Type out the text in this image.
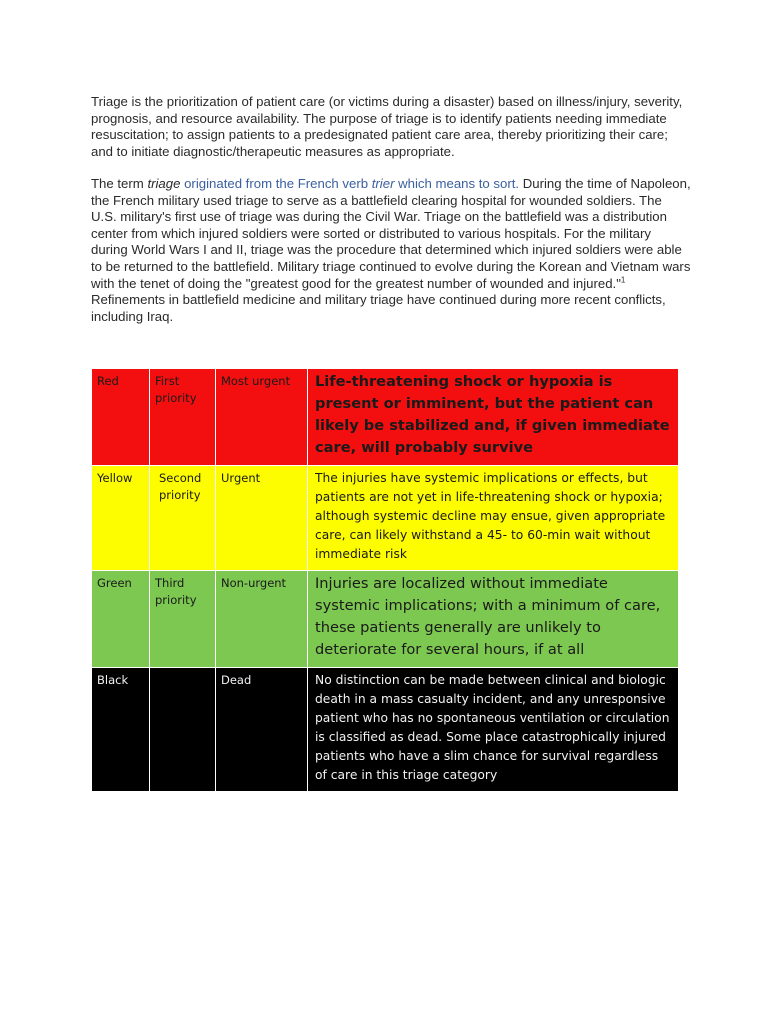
Triage is the prioritization of patient care (or victims during a disaster) based on illness/injury, severity, prognosis, and resource availability. The purpose of triage is to identify patients needing immediate resuscitation; to assign patients to a predesignated patient care area, thereby prioritizing their care; and to initiate diagnostic/therapeutic measures as appropriate.

The term triage originated from the French verb trier which means to sort. During the time of Napoleon, the French military used triage to serve as a battlefield clearing hospital for wounded soldiers. The U.S. military's first use of triage was during the Civil War. Triage on the battlefield was a distribution center from which injured soldiers were sorted or distributed to various hospitals. For the military during World Wars I and II, triage was the procedure that determined which injured soldiers were able to be returned to the battlefield. Military triage continued to evolve during the Korean and Vietnam wars with the tenet of doing the "greatest good for the greatest number of wounded and injured."$^1$ Refinements in battlefield medicine and military triage have continued during more recent conflicts, including Iraq.

Red	First priority	Most urgent	Life-threatening shock or hypoxia is present or imminent, but the patient can likely be stabilized and, if given immediate care, will probably survive
Yellow	Second priority	Urgent	The injuries have systemic implications or effects, but patients are not yet in life-threatening shock or hypoxia; although systemic decline may ensue, given appropriate care, can likely withstand a 45- to 60-min wait without immediate risk
Green	Third priority	Non-urgent	Injuries are localized without immediate systemic implications; with a minimum of care, these patients generally are unlikely to deteriorate for several hours, if at all
Black		Dead	No distinction can be made between clinical and biologic death in a mass casualty incident, and any unresponsive patient who has no spontaneous ventilation or circulation is classified as dead. Some place catastrophically injured patients who have a slim chance for survival regardless of care in this triage category
